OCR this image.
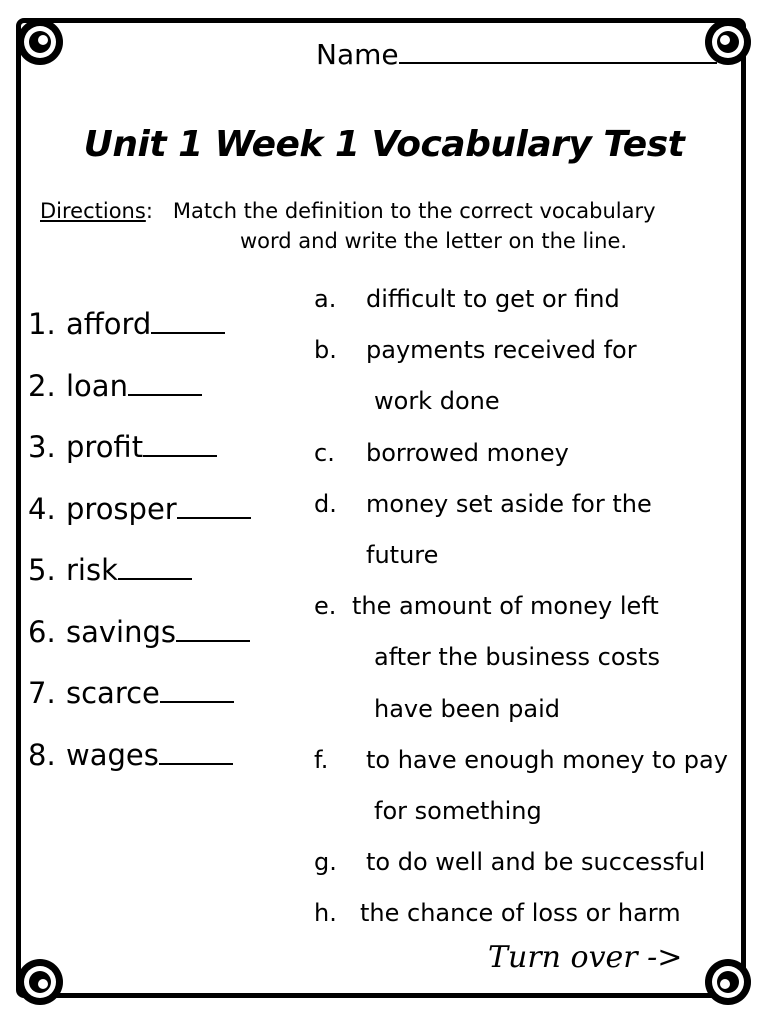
Name
Unit 1 Week 1 Vocabulary Test
Directions: Match the definition to the correct vocabulary
word and write the letter on the line.
1. afford
2. loan
3. profit
4. prosper
5. risk
6. savings
7. scarce
8. wages
a. difficult to get or find
b. payments received for
work done
c. borrowed money
d. money set aside for the
future
e. the amount of money left
after the business costs
have been paid
f. to have enough money to pay
for something
g. to do well and be successful
h. the chance of loss or harm
Turn over ->
